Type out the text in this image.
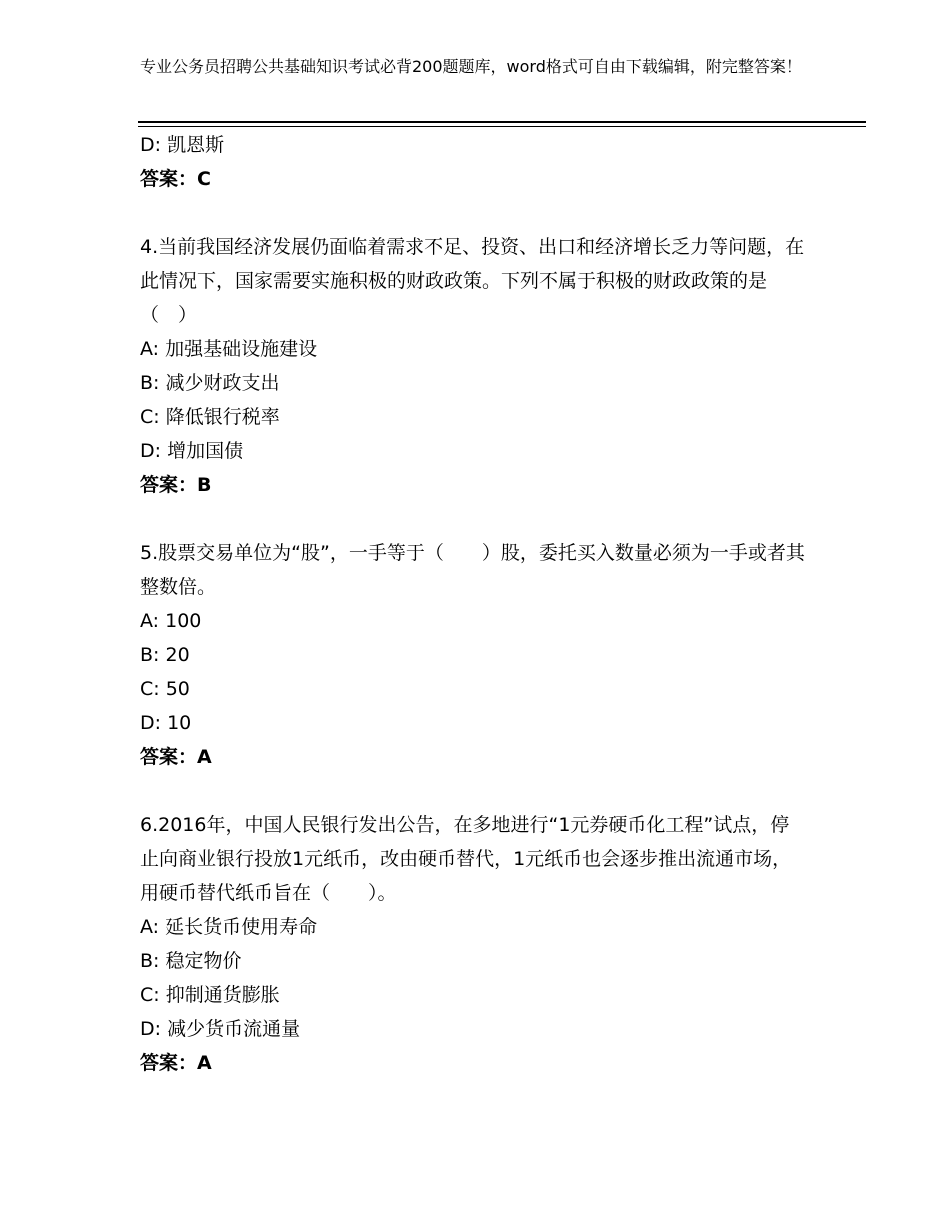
专业公务员招聘公共基础知识考试必背200题题库，word格式可自由下载编辑，附完整答案！
D: 凯恩斯
答案：C
4.当前我国经济发展仍面临着需求不足、投资、出口和经济增长乏力等问题，在此情况下，国家需要实施积极的财政政策。下列不属于积极的财政政策的是（　）
A: 加强基础设施建设
B: 减少财政支出
C: 降低银行税率
D: 增加国债
答案：B
5.股票交易单位为“股”，一手等于（　　）股，委托买入数量必须为一手或者其整数倍。
A: 100
B: 20
C: 50
D: 10
答案：A
6.2016年，中国人民银行发出公告，在多地进行“1元券硬币化工程”试点，停止向商业银行投放1元纸币，改由硬币替代，1元纸币也会逐步推出流通市场，用硬币替代纸币旨在（　　）。
A: 延长货币使用寿命
B: 稳定物价
C: 抑制通货膨胀
D: 减少货币流通量
答案：A
